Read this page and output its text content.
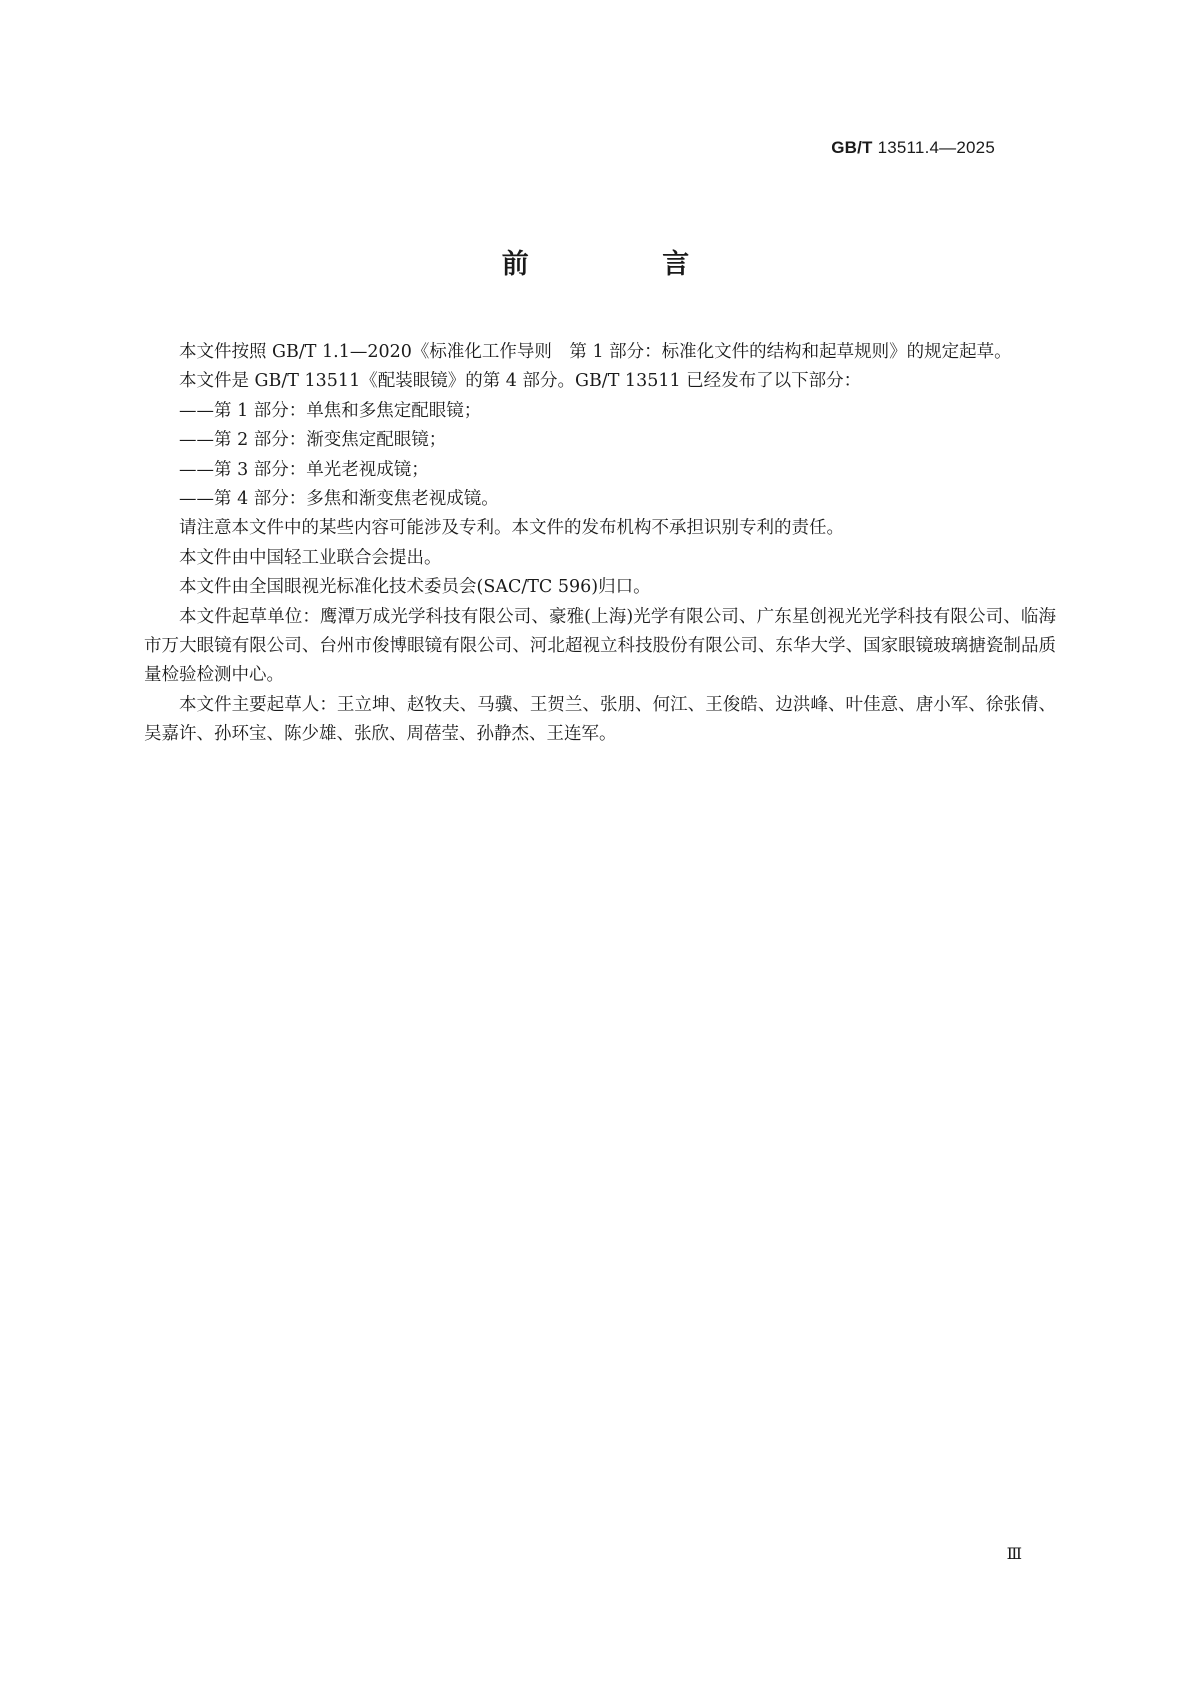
GB/T 13511.4—2025
前 言

本文件按照 GB/T 1.1—2020《标准化工作导则　第 1 部分：标准化文件的结构和起草规则》的规定起草。

本文件是 GB/T 13511《配装眼镜》的第 4 部分。GB/T 13511 已经发布了以下部分：

——第 1 部分：单焦和多焦定配眼镜；

——第 2 部分：渐变焦定配眼镜；

——第 3 部分：单光老视成镜；

——第 4 部分：多焦和渐变焦老视成镜。

请注意本文件中的某些内容可能涉及专利。本文件的发布机构不承担识别专利的责任。

本文件由中国轻工业联合会提出。

本文件由全国眼视光标准化技术委员会(SAC/TC 596)归口。

本文件起草单位：鹰潭万成光学科技有限公司、豪雅(上海)光学有限公司、广东星创视光光学科技有限公司、临海市万大眼镜有限公司、台州市俊博眼镜有限公司、河北超视立科技股份有限公司、东华大学、国家眼镜玻璃搪瓷制品质量检验检测中心。

本文件主要起草人：王立坤、赵牧夫、马骥、王贺兰、张朋、何江、王俊皓、边洪峰、叶佳意、唐小军、徐张倩、吴嘉许、孙环宝、陈少雄、张欣、周蓓莹、孙静杰、王连军。

Ⅲ
